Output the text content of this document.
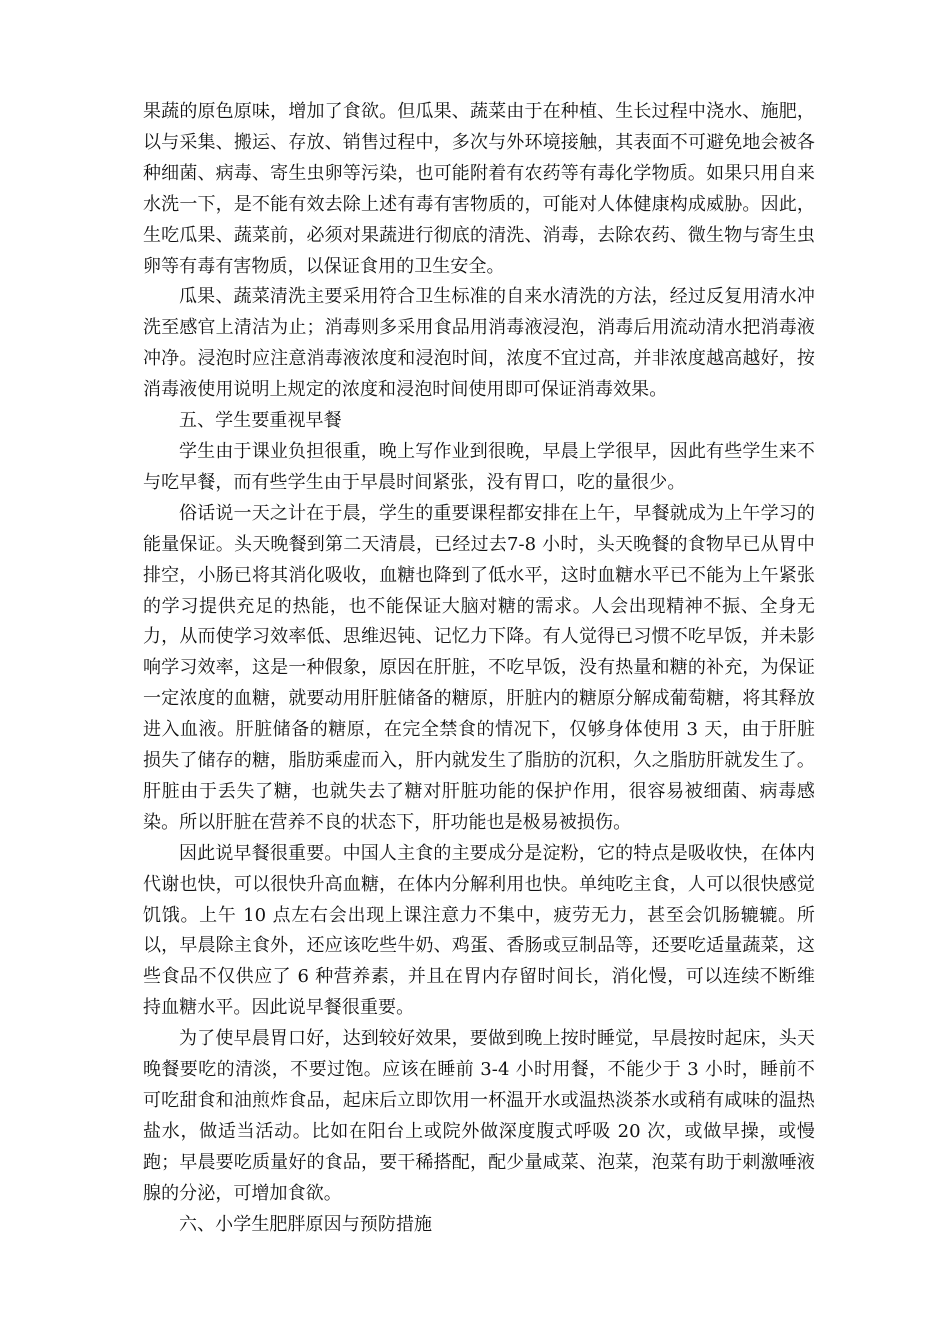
果蔬的原色原味，增加了食欲。但瓜果、蔬菜由于在种植、生长过程中浇水、施肥，以与采集、搬运、存放、销售过程中，多次与外环境接触，其表面不可避免地会被各种细菌、病毒、寄生虫卵等污染，也可能附着有农药等有毒化学物质。如果只用自来水洗一下，是不能有效去除上述有毒有害物质的，可能对人体健康构成威胁。因此，生吃瓜果、蔬菜前，必须对果蔬进行彻底的清洗、消毒，去除农药、微生物与寄生虫卵等有毒有害物质，以保证食用的卫生安全。

瓜果、蔬菜清洗主要采用符合卫生标准的自来水清洗的方法，经过反复用清水冲洗至感官上清洁为止；消毒则多采用食品用消毒液浸泡，消毒后用流动清水把消毒液冲净。浸泡时应注意消毒液浓度和浸泡时间，浓度不宜过高，并非浓度越高越好，按消毒液使用说明上规定的浓度和浸泡时间使用即可保证消毒效果。

五、学生要重视早餐

学生由于课业负担很重，晚上写作业到很晚，早晨上学很早，因此有些学生来不与吃早餐，而有些学生由于早晨时间紧张，没有胃口，吃的量很少。

俗话说一天之计在于晨，学生的重要课程都安排在上午，早餐就成为上午学习的能量保证。头天晚餐到第二天清晨，已经过去7-8 小时，头天晚餐的食物早已从胃中排空，小肠已将其消化吸收，血糖也降到了低水平，这时血糖水平已不能为上午紧张的学习提供充足的热能，也不能保证大脑对糖的需求。人会出现精神不振、全身无力，从而使学习效率低、思维迟钝、记忆力下降。有人觉得已习惯不吃早饭，并未影响学习效率，这是一种假象，原因在肝脏，不吃早饭，没有热量和糖的补充，为保证一定浓度的血糖，就要动用肝脏储备的糖原，肝脏内的糖原分解成葡萄糖，将其释放进入血液。肝脏储备的糖原，在完全禁食的情况下，仅够身体使用 3 天，由于肝脏损失了储存的糖，脂肪乘虚而入，肝内就发生了脂肪的沉积，久之脂肪肝就发生了。肝脏由于丢失了糖，也就失去了糖对肝脏功能的保护作用，很容易被细菌、病毒感染。所以肝脏在营养不良的状态下，肝功能也是极易被损伤。

因此说早餐很重要。中国人主食的主要成分是淀粉，它的特点是吸收快，在体内代谢也快，可以很快升高血糖，在体内分解利用也快。单纯吃主食，人可以很快感觉饥饿。上午 10 点左右会出现上课注意力不集中，疲劳无力，甚至会饥肠辘辘。所以，早晨除主食外，还应该吃些牛奶、鸡蛋、香肠或豆制品等，还要吃适量蔬菜，这些食品不仅供应了 6 种营养素，并且在胃内存留时间长，消化慢，可以连续不断维持血糖水平。因此说早餐很重要。

为了使早晨胃口好，达到较好效果，要做到晚上按时睡觉，早晨按时起床，头天晚餐要吃的清淡，不要过饱。应该在睡前 3-4 小时用餐，不能少于 3 小时，睡前不可吃甜食和油煎炸食品，起床后立即饮用一杯温开水或温热淡茶水或稍有咸味的温热盐水，做适当活动。比如在阳台上或院外做深度腹式呼吸 20 次，或做早操，或慢跑；早晨要吃质量好的食品，要干稀搭配，配少量咸菜、泡菜，泡菜有助于刺激唾液腺的分泌，可增加食欲。

六、小学生肥胖原因与预防措施
